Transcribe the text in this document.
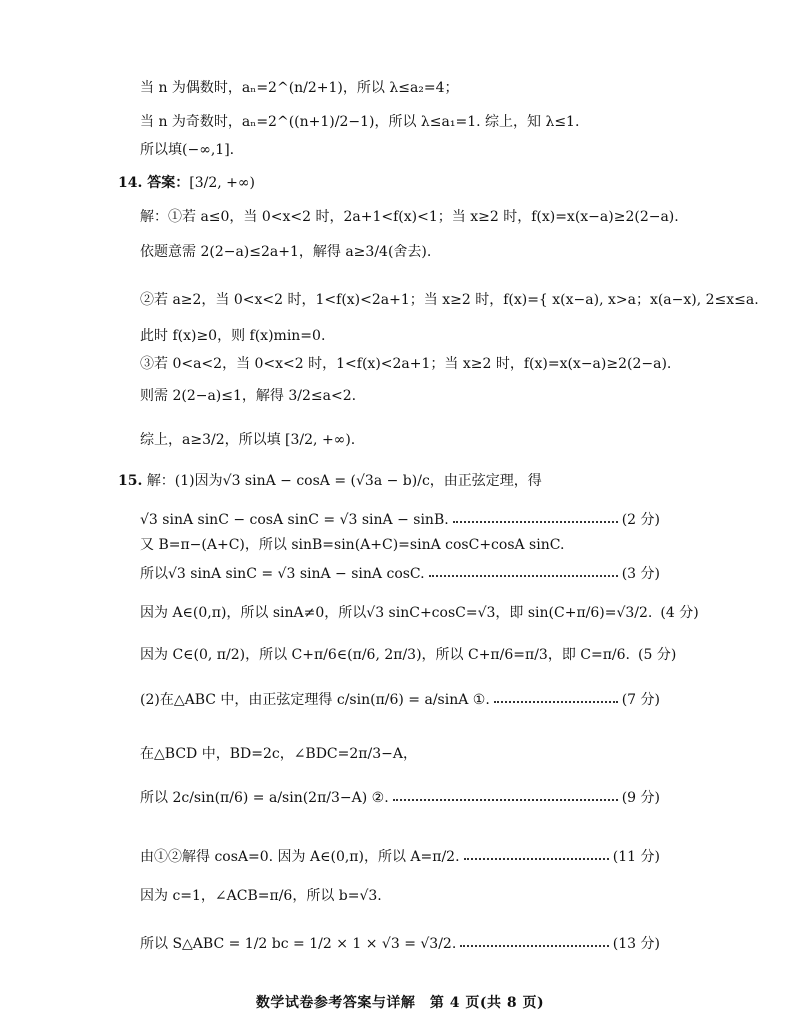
当 n 为偶数时，aₙ=2^(n/2+1)，所以 λ≤a₂=4；
当 n 为奇数时，aₙ=2^((n+1)/2−1)，所以 λ≤a₁=1. 综上，知 λ≤1.
所以填(−∞,1].
14. 答案：[3/2, +∞)
解：①若 a≤0，当 0<x<2 时，2a+1<f(x)<1；当 x≥2 时，f(x)=x(x−a)≥2(2−a).
依题意需 2(2−a)≤2a+1，解得 a≥3/4(舍去).
②若 a≥2，当 0<x<2 时，1<f(x)<2a+1；当 x≥2 时，f(x)={ x(x−a), x>a；x(a−x), 2≤x≤a.
此时 f(x)≥0，则 f(x)min=0.
③若 0<a<2，当 0<x<2 时，1<f(x)<2a+1；当 x≥2 时，f(x)=x(x−a)≥2(2−a).
则需 2(2−a)≤1，解得 3/2≤a<2.
综上，a≥3/2，所以填 [3/2, +∞).
15. 解：(1)因为√3 sinA − cosA = (√3a − b)/c，由正弦定理，得
√3 sinA sinC − cosA sinC = √3 sinA − sinB.	(2 分)
又 B=π−(A+C)，所以 sinB=sin(A+C)=sinA cosC+cosA sinC.
所以√3 sinA sinC = √3 sinA − sinA cosC.	(3 分)
因为 A∈(0,π)，所以 sinA≠0，所以√3 sinC+cosC=√3，即 sin(C+π/6)=√3/2. (4 分)
因为 C∈(0, π/2)，所以 C+π/6∈(π/6, 2π/3)，所以 C+π/6=π/3，即 C=π/6. (5 分)
(2)在△ABC 中，由正弦定理得 c/sin(π/6) = a/sinA ①.	(7 分)
在△BCD 中，BD=2c，∠BDC=2π/3−A，
所以 2c/sin(π/6) = a/sin(2π/3−A) ②.	(9 分)
由①②解得 cosA=0. 因为 A∈(0,π)，所以 A=π/2.	(11 分)
因为 c=1，∠ACB=π/6，所以 b=√3.
所以 S△ABC = 1/2 bc = 1/2 × 1 × √3 = √3/2.	(13 分)
数学试卷参考答案与详解　第 4 页(共 8 页)
